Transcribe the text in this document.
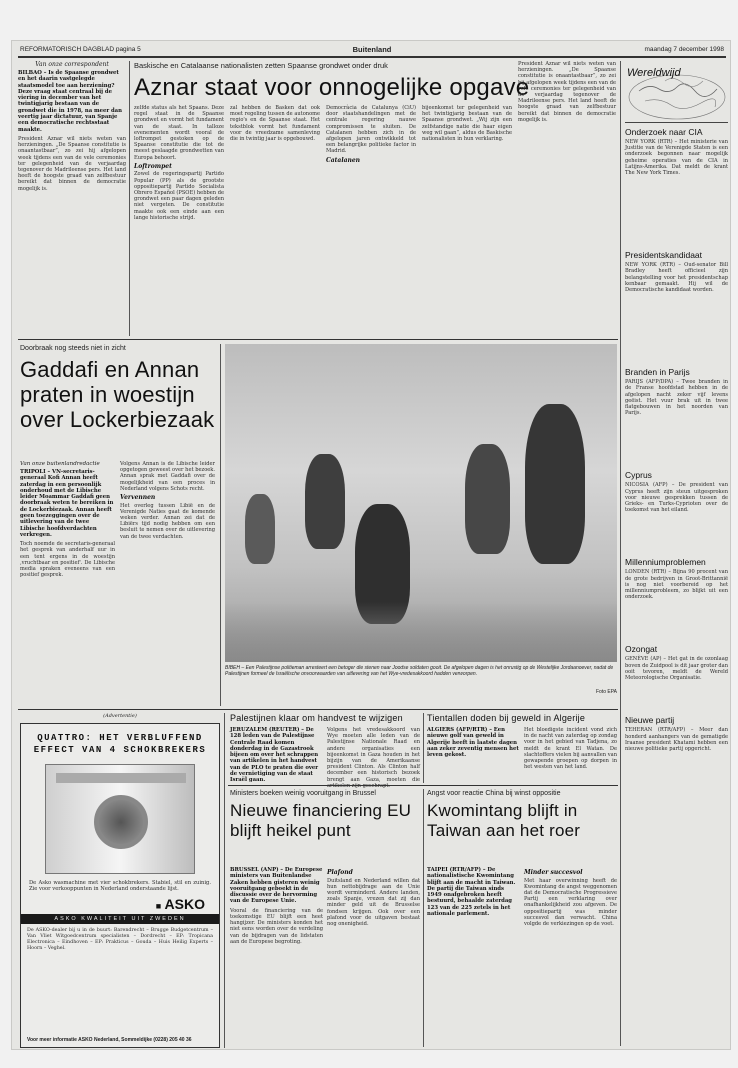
REFORMATORISCH DAGBLAD pagina 5	Buitenland	maandag 7 december 1998
Van onze correspondent
BILBAO – Is de Spaanse grondwet en het daarin vastgelegde staatsmodel toe aan herziening? Deze vraag staat centraal bij de viering in december van het twintigjarig bestaan van de grondwet die in 1978, na meer dan veertig jaar dictatuur, van Spanje een democratische rechtsstaat maakte.
President Aznar wil niets weten van herzieningen. „De Spaanse constitutie is onaantastbaar”, zo zei hij afgelopen week tijdens een van de vele ceremonies ter gelegenheid van de verjaardag tegenover de Madrileense pers. Het land heeft de hoogste graad van zelfbestuur bereikt dat binnen de democratie mogelijk is.
Baskische en Catalaanse nationalisten zetten Spaanse grondwet onder druk
Aznar staat voor onnogelijke opgave
zelfde status als het Spaans. Deze regel staat in de Spaanse grondwet en vormt het fundament van de staat. In talloze evenementen wordt vooral de loftrompet gestoken op de Spaanse constitutie die tot de meest geslaagde grondwetten van Europa behoort.
Loftrompet
Zowel de regeringspartij Partido Popular (PP) als de grootste oppositiepartij Partido Socialista Obrero Español (PSOE) hebben de grondwet een paar dagen geleden niet vergeten. De constitutie maakte ook een einde aan een lange historische strijd.
zal hebben de Basken dat ook moet regeling tussen de autonome regio's en de Spaanse staat. Het tekstblok vormt het fundament voor de vreedzame samenleving die in twintig jaar is opgebouwd.
Democràcia de Catalunya (CiU) door staatshandelingen met de centrale regering nauwe compromissen te sluiten. De Catalanen hebben zich in de afgelopen jaren ontwikkeld tot een belangrijke politieke factor in Madrid.
Catalanen
bijeenkomst ter gelegenheid van het twintigjarig bestaan van de Spaanse grondwet. „Wij zijn een zelfstandige natie die haar eigen weg wil gaan”, aldus de Baskische nationalisten in hun verklaring.
President Aznar wil niets weten van herzieningen. „De Spaanse constitutie is onaantastbaar”, zo zei hij afgelopen week tijdens een van de vele ceremonies ter gelegenheid van de verjaardag tegenover de Madrileense pers. Het land heeft de hoogste graad van zelfbestuur bereikt dat binnen de democratie mogelijk is.
Wereldwijd
Onderzoek naar CIA
NEW YORK (RTR) – Het ministerie van Justitie van de Verenigde Staten is een onderzoek begonnen naar mogelijk geheime operaties van de CIA in Latijns-Amerika. Dat meldt de krant The New York Times.
Presidentskandidaat
NEW YORK (RTR) – Oud-senator Bill Bradley heeft officieel zijn belangstelling voor het presidentschap kenbaar gemaakt. Hij wil de Democratische kandidaat worden.
Branden in Parijs
PARIJS (AFP/DPA) – Twee branden in de Franse hoofdstad hebben in de afgelopen nacht zeker vijf levens geëist. Het vuur brak uit in twee flatgebouwen in het noorden van Parijs.
Cyprus
NICOSIA (AFP) – De president van Cyprus heeft zijn steun uitgesproken voor nieuwe gesprekken tussen de Grieks- en Turks-Cyprioten over de toekomst van het eiland.
Millenniumproblemen
LONDEN (RTR) – Bijna 90 procent van de grote bedrijven in Groot-Brittannië is nog niet voorbereid op het millenniumprobleem, zo blijkt uit een onderzoek.
Ozongat
GENÈVE (AP) – Het gat in de ozonlaag boven de Zuidpool is dit jaar groter dan ooit tevoren, meldt de Wereld Meteorologische Organisatie.
Nieuwe partij
TEHERAN (RTR/AFP) – Meer dan honderd aanhangers van de gematigde Iraanse president Khatami hebben een nieuwe politieke partij opgericht.
Doorbraak nog steeds niet in zicht
Gaddafi en Annan praten in woestijn over Lockerbiezaak
Van onze buitenlandredactie
TRIPOLI – VN-secretaris-generaal Kofi Annan heeft zaterdag in een persoonlijk onderhoud met de Libische leider Moammar Gaddafi geen doorbraak weten te bereiken in de Lockerbiezaak. Annan heeft geen toezeggingen over de uitlevering van de twee Libische hoofdverdachten verkregen.
Toch noemde de secretaris-generaal het gesprek van anderhalf uur in een tent ergens in de woestijn ‚vruchtbaar en positief'. De Libische media spraken eveneens van een positief gesprek.
Volgens Annan is de Libische leider opgetogen geweest over het bezoek. Annan sprak met Gaddafi over de mogelijkheid van een proces in Nederland volgens Schots recht.
Vervennen
Het overleg tussen Libië en de Verenigde Naties gaat de komende weken verder. Annan zei dat de Libiërs tijd nodig hebben om een besluit te nemen over de uitlevering van de twee verdachten.
BIBEH – Een Palestijnse politieman arresteert een betoger die stenen naar Joodse soldaten gooit. De afgelopen dagen is het onrustig op de Westelijke Jordaanoever, nadat de Palestijnen formeel de Israëlische onvoorwaarden van uitlevering van het Wye-vredesakkoord hadden verworpen.
Foto EPA
(Advertentie)
QUATTRO: HET VERBLUFFEND
EFFECT VAN 4 SCHOKBREKERS
De Asko wasmachine met vier schokbrekers. Stabiel, stil en zuinig. Zie voor verkooppunten in Nederland onderstaande lijst.
■ ASKO
ASKO KWALITEIT UIT ZWEDEN
De ASKO-dealer bij u in de buurt: Barendrecht – Brugge Budgetcentrum – Van Vliet Witgoedcentrum specialisten – Dordrecht – EP: Tropicana Electronica – Eindhoven – EP: Prakticus – Gouda – Huis Heilig Experts – Hoorn – Veghel.
Voor meer informatie ASKO Nederland, Sommeldijke (0228) 205 40 36
Palestijnen klaar om handvest te wijzigen
JERUZALEM (REUTER) – De 128 leden van de Palestijnse Centrale Raad komen donderdag in de Gazastrook bijeen om over het schrappen van artikelen in het handvest van de PLO te praten die over de vernietiging van de staat Israël gaan.
Volgens het vredesakkoord van Wye moeten alle leden van de Palestijnse Nationale Raad en andere organisaties een bijeenkomst in Gaza houden in het bijzijn van de Amerikaanse president Clinton. Als Clinton half december een historisch bezoek brengt aan Gaza, moeten die
Tientallen doden bij geweld in Algerije
ALGIERS (AFP/RTR) – Een nieuwe golf van geweld in Algerije heeft in laatste dagen aan zeker zeventig mensen het leven gekost.
Het bloedigste incident vond zich in de nacht van zaterdag op zondag voor in het gebied van Tadjena, zo meldt de krant El Watan. De slachtoffers vielen bij aanvallen van gewapende groepen op dorpen in het westen van het land.
Ministers boeken weinig vooruitgang in Brussel
Nieuwe financiering EU blijft heikel punt
BRUSSEL (ANP) – De Europese ministers van Buitenlandse Zaken hebben gisteren weinig vooruitgang geboekt in de discussie over de hervorming van de Europese Unie.
Vooral de financiering van de toekomstige EU blijft een heet hangijzer. De ministers konden het niet eens worden over de verdeling van de bijdragen van de lidstaten aan de Europese begroting.
Plafond
Duitsland en Nederland willen dat hun nettobijdrage aan de Unie wordt verminderd. Andere landen, zoals Spanje, vrezen dat zij dan minder geld uit de Brusselse fondsen krijgen. Ook over een plafond voor de uitgaven bestaat nog onenigheid.
Angst voor reactie China bij winst oppositie
Kwomintang blijft in Taiwan aan het roer
TAIPEI (RTR/AFP) – De nationalistische Kwomintang blijft aan de macht in Taiwan. De partij die Taiwan sinds 1949 onafgebroken heeft bestuurd, behaalde zaterdag 123 van de 225 zetels in het nationale parlement.
Minder succesvol
Met haar overwinning heeft de Kwomintang de angst weggenomen dat de Democratische Progressieve Partij een verklaring over onafhankelijkheid zou afgeven. De oppositiepartij was minder succesvol dan verwacht. China volgde de verkiezingen op de voet.
